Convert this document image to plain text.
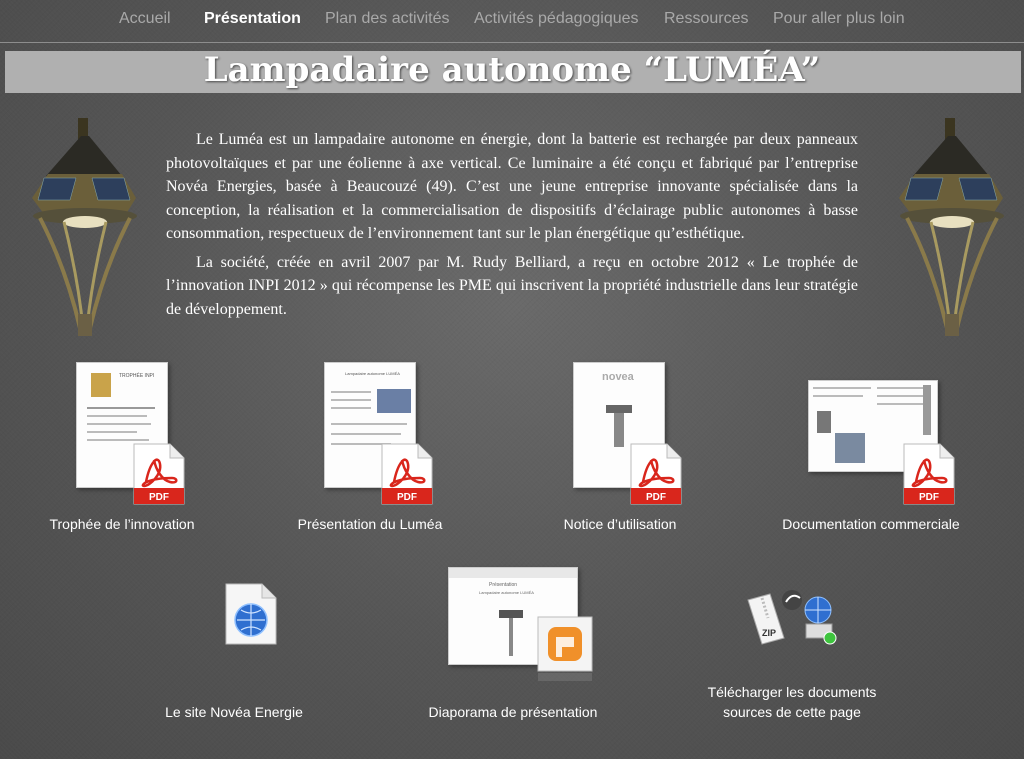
Accueil Présentation Plan des activités Activités pédagogiques Ressources Pour aller plus loin
Lampadaire autonome “LUMÉA”

Le Luméa est un lampadaire autonome en énergie, dont la batterie est rechargée par deux panneaux photovoltaïques et par une éolienne à axe vertical. Ce luminaire a été conçu et fabriqué par l’entreprise Novéa Energies, basée à Beaucouzé (49). C’est une jeune entreprise innovante spécialisée dans la conception, la réalisation et la commercialisation de dispositifs d’éclairage public autonomes à basse consommation, respectueux de l’environnement tant sur le plan énergétique qu’esthétique.

La société, créée en avril 2007 par M. Rudy Belliard, a reçu en octobre 2012 « Le trophée de l’innovation INPI 2012 » qui récompense les PME qui inscrivent la propriété industrielle dans leur stratégie de développement.

TROPHÉE INPI
PDF
Trophée de l’innovation
Lampadaire autonome LUMÉA
PDF
Présentation du Luméa
novea
PDF
Notice d’utilisation
PDF
Documentation commerciale
Le site Novéa Energie
Présentation
Lampadaire autonome LUMÉA
Diaporama de présentation
ZIP
Télécharger les documents
sources de cette page
